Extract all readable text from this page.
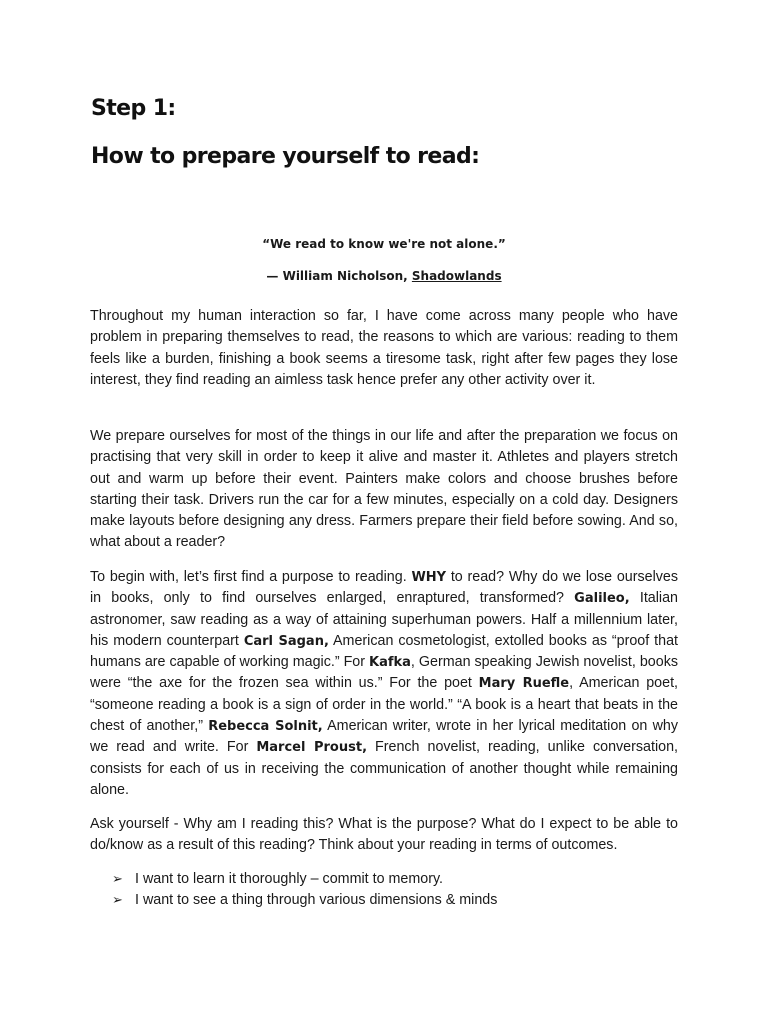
Step 1:
How to prepare yourself to read:

“We read to know we're not alone.”

— William Nicholson, Shadowlands

Throughout my human interaction so far, I have come across many people who have problem in preparing themselves to read, the reasons to which are various: reading to them feels like a burden, finishing a book seems a tiresome task, right after few pages they lose interest, they find reading an aimless task hence prefer any other activity over it.

We prepare ourselves for most of the things in our life and after the preparation we focus on practising that very skill in order to keep it alive and master it. Athletes and players stretch out and warm up before their event. Painters make colors and choose brushes before starting their task. Drivers run the car for a few minutes, especially on a cold day. Designers make layouts before designing any dress. Farmers prepare their field before sowing. And so, what about a reader?

To begin with, let’s first find a purpose to reading. WHY to read? Why do we lose ourselves in books, only to find ourselves enlarged, enraptured, transformed? Galileo, Italian astronomer, saw reading as a way of attaining superhuman powers. Half a millennium later, his modern counterpart Carl Sagan, American cosmetologist, extolled books as “proof that humans are capable of working magic.” For Kafka, German speaking Jewish novelist, books were “the axe for the frozen sea within us.” For the poet Mary Ruefle, American poet, “someone reading a book is a sign of order in the world.” “A book is a heart that beats in the chest of another,” Rebecca Solnit, American writer, wrote in her lyrical meditation on why we read and write. For Marcel Proust, French novelist, reading, unlike conversation, consists for each of us in receiving the communication of another thought while remaining alone.

Ask yourself - Why am I reading this? What is the purpose? What do I expect to be able to do/know as a result of this reading? Think about your reading in terms of outcomes.

➢ I want to learn it thoroughly – commit to memory.
➢ I want to see a thing through various dimensions & minds
